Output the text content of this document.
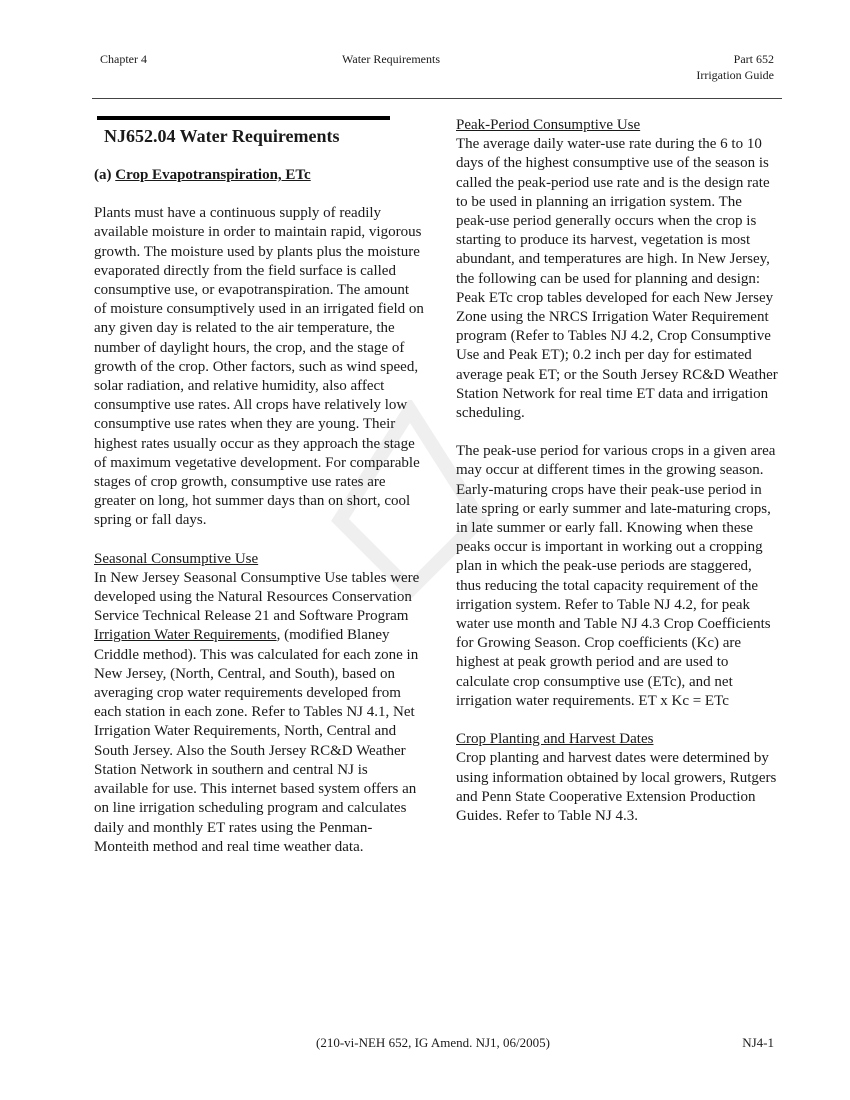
Chapter 4	Water Requirements	Part 652
Irrigation Guide
NJ652.04 Water Requirements
(a) Crop Evapotranspiration, ETc
Plants must have a continuous supply of readily available moisture in order to maintain rapid, vigorous growth. The moisture used by plants plus the moisture evaporated directly from the field surface is called consumptive use, or evapotranspiration. The amount of moisture consumptively used in an irrigated field on any given day is related to the air temperature, the number of daylight hours, the crop, and the stage of growth of the crop. Other factors, such as wind speed, solar radiation, and relative humidity, also affect consumptive use rates. All crops have relatively low consumptive use rates when they are young. Their highest rates usually occur as they approach the stage of maximum vegetative development. For comparable stages of crop growth, consumptive use rates are greater on long, hot summer days than on short, cool spring or fall days.
Seasonal Consumptive Use
In New Jersey Seasonal Consumptive Use tables were developed using the Natural Resources Conservation Service Technical Release 21 and Software Program Irrigation Water Requirements, (modified Blaney Criddle method). This was calculated for each zone in New Jersey, (North, Central, and South), based on averaging crop water requirements developed from each station in each zone. Refer to Tables NJ 4.1, Net Irrigation Water Requirements, North, Central and South Jersey. Also the South Jersey RC&D Weather Station Network in southern and central NJ is available for use. This internet based system offers an on line irrigation scheduling program and calculates daily and monthly ET rates using the Penman-Monteith method and real time weather data.
Peak-Period Consumptive Use
The average daily water-use rate during the 6 to 10 days of the highest consumptive use of the season is called the peak-period use rate and is the design rate to be used in planning an irrigation system. The peak-use period generally occurs when the crop is starting to produce its harvest, vegetation is most abundant, and temperatures are high. In New Jersey, the following can be used for planning and design: Peak ETc crop tables developed for each New Jersey Zone using the NRCS Irrigation Water Requirement program (Refer to Tables NJ 4.2, Crop Consumptive Use and Peak ET); 0.2 inch per day for estimated average peak ET; or the South Jersey RC&D Weather Station Network for real time ET data and irrigation scheduling.
The peak-use period for various crops in a given area may occur at different times in the growing season. Early-maturing crops have their peak-use period in late spring or early summer and late-maturing crops, in late summer or early fall. Knowing when these peaks occur is important in working out a cropping plan in which the peak-use periods are staggered, thus reducing the total capacity requirement of the irrigation system. Refer to Table NJ 4.2, for peak water use month and Table NJ 4.3 Crop Coefficients for Growing Season. Crop coefficients (Kc) are highest at peak growth period and are used to calculate crop consumptive use (ETc), and net irrigation water requirements. ET x Kc = ETc
Crop Planting and Harvest Dates
Crop planting and harvest dates were determined by using information obtained by local growers, Rutgers and Penn State Cooperative Extension Production Guides. Refer to Table NJ 4.3.
(210-vi-NEH 652, IG Amend. NJ1, 06/2005)	NJ4-1
